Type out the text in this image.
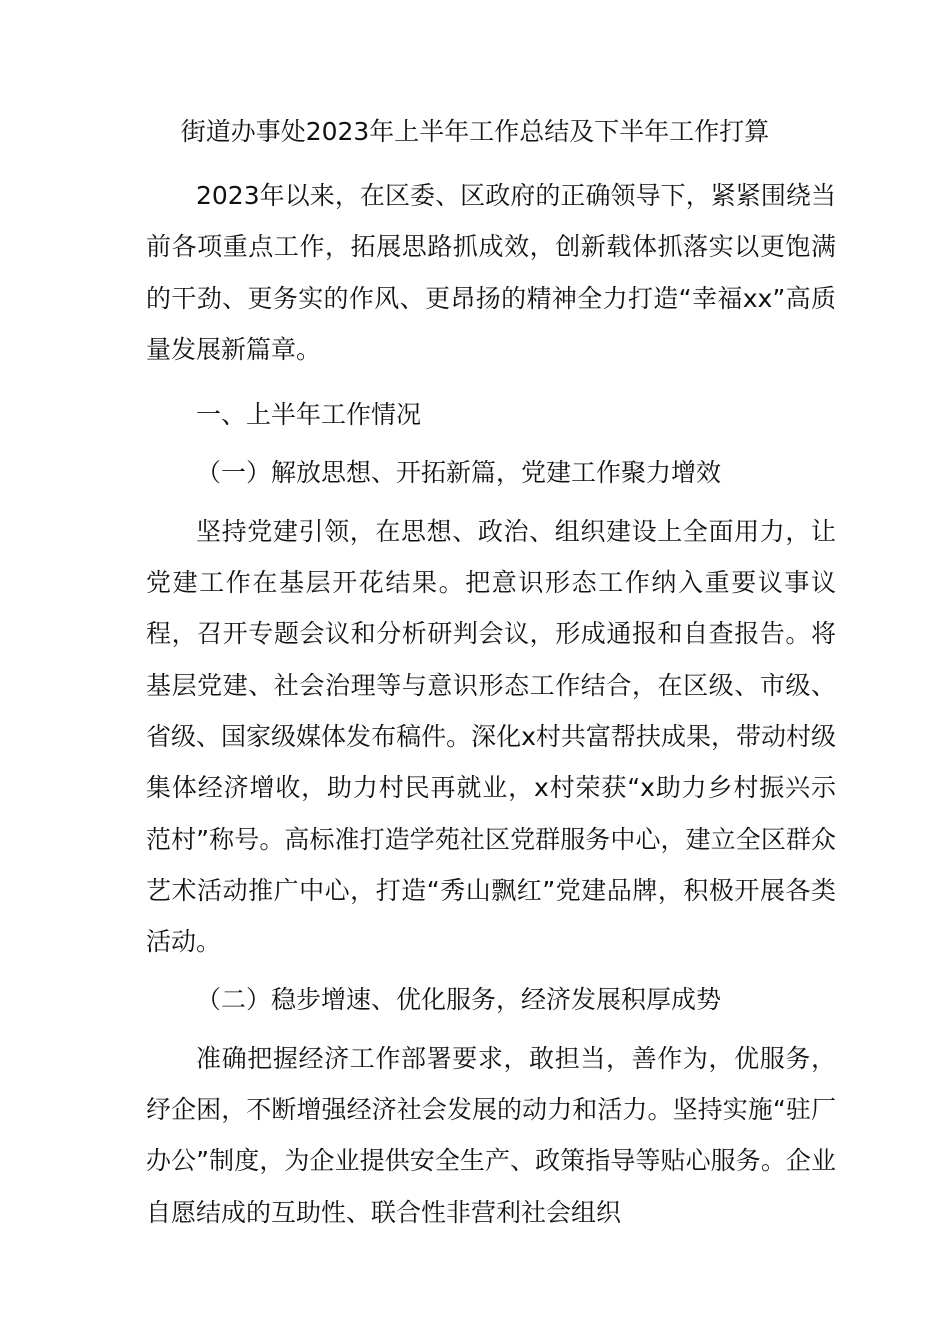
街道办事处2023年上半年工作总结及下半年工作打算

2023年以来，在区委、区政府的正确领导下，紧紧围绕当前各项重点工作，拓展思路抓成效，创新载体抓落实以更饱满的干劲、更务实的作风、更昂扬的精神全力打造“幸福xx”高质量发展新篇章。

一、上半年工作情况

（一）解放思想、开拓新篇，党建工作聚力增效

坚持党建引领，在思想、政治、组织建设上全面用力，让党建工作在基层开花结果。把意识形态工作纳入重要议事议程，召开专题会议和分析研判会议，形成通报和自查报告。将基层党建、社会治理等与意识形态工作结合，在区级、市级、省级、国家级媒体发布稿件。深化x村共富帮扶成果，带动村级集体经济增收，助力村民再就业，x村荣获“x助力乡村振兴示范村”称号。高标准打造学苑社区党群服务中心，建立全区群众艺术活动推广中心，打造“秀山飘红”党建品牌，积极开展各类活动。

（二）稳步增速、优化服务，经济发展积厚成势

准确把握经济工作部署要求，敢担当，善作为，优服务，纾企困，不断增强经济社会发展的动力和活力。坚持实施“驻厂办公”制度，为企业提供安全生产、政策指导等贴心服务。企业自愿结成的互助性、联合性非营利社会组织
